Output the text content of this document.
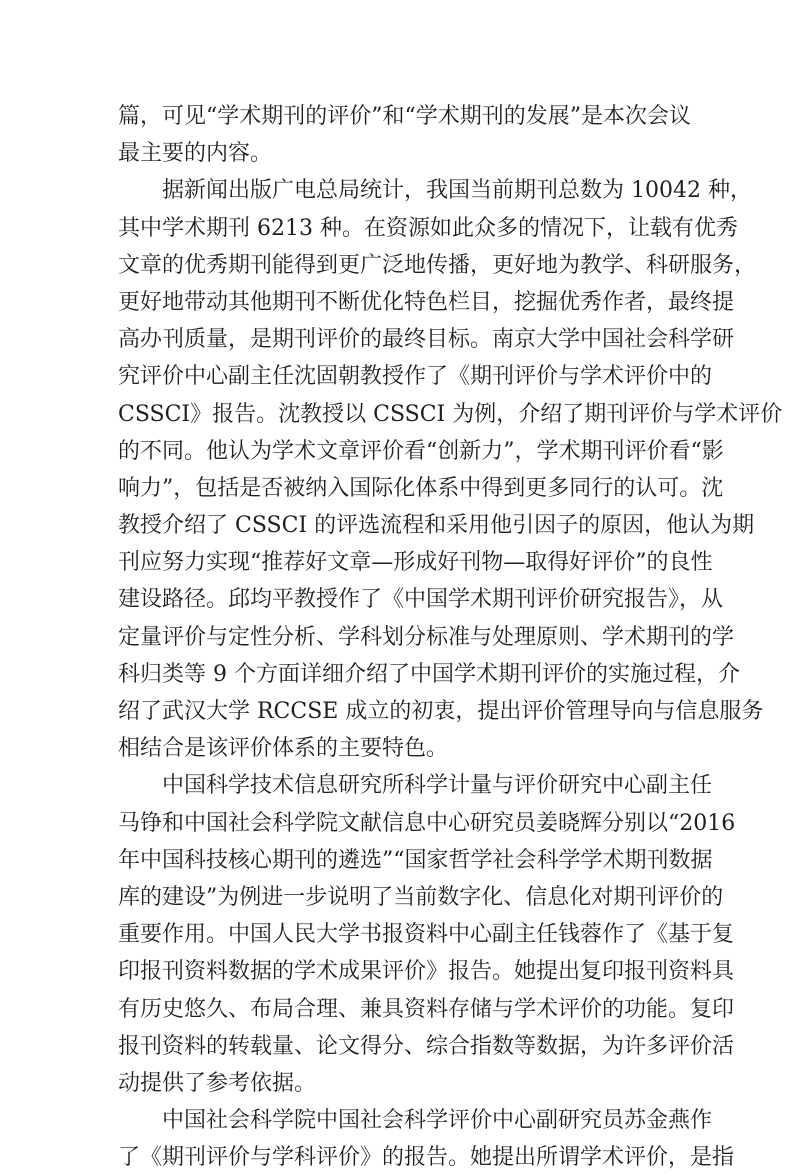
篇，可见“学术期刊的评价”和“学术期刊的发展”是本次会议
最主要的内容。
据新闻出版广电总局统计，我国当前期刊总数为 10042 种，
其中学术期刊 6213 种。在资源如此众多的情况下，让载有优秀
文章的优秀期刊能得到更广泛地传播，更好地为教学、科研服务，
更好地带动其他期刊不断优化特色栏目，挖掘优秀作者，最终提
高办刊质量，是期刊评价的最终目标。南京大学中国社会科学研
究评价中心副主任沈固朝教授作了《期刊评价与学术评价中的
CSSCI》报告。沈教授以 CSSCI 为例，介绍了期刊评价与学术评价
的不同。他认为学术文章评价看“创新力”，学术期刊评价看“影
响力”，包括是否被纳入国际化体系中得到更多同行的认可。沈
教授介绍了 CSSCI 的评选流程和采用他引因子的原因，他认为期
刊应努力实现“推荐好文章—形成好刊物—取得好评价”的良性
建设路径。邱均平教授作了《中国学术期刊评价研究报告》，从
定量评价与定性分析、学科划分标准与处理原则、学术期刊的学
科归类等 9 个方面详细介绍了中国学术期刊评价的实施过程，介
绍了武汉大学 RCCSE 成立的初衷，提出评价管理导向与信息服务
相结合是该评价体系的主要特色。
中国科学技术信息研究所科学计量与评价研究中心副主任
马铮和中国社会科学院文献信息中心研究员姜晓辉分别以“2016
年中国科技核心期刊的遴选”“国家哲学社会科学学术期刊数据
库的建设”为例进一步说明了当前数字化、信息化对期刊评价的
重要作用。中国人民大学书报资料中心副主任钱蓉作了《基于复
印报刊资料数据的学术成果评价》报告。她提出复印报刊资料具
有历史悠久、布局合理、兼具资料存储与学术评价的功能。复印
报刊资料的转载量、论文得分、综合指数等数据，为许多评价活
动提供了参考依据。
中国社会科学院中国社会科学评价中心副研究员苏金燕作
了《期刊评价与学科评价》的报告。她提出所谓学术评价，是指
